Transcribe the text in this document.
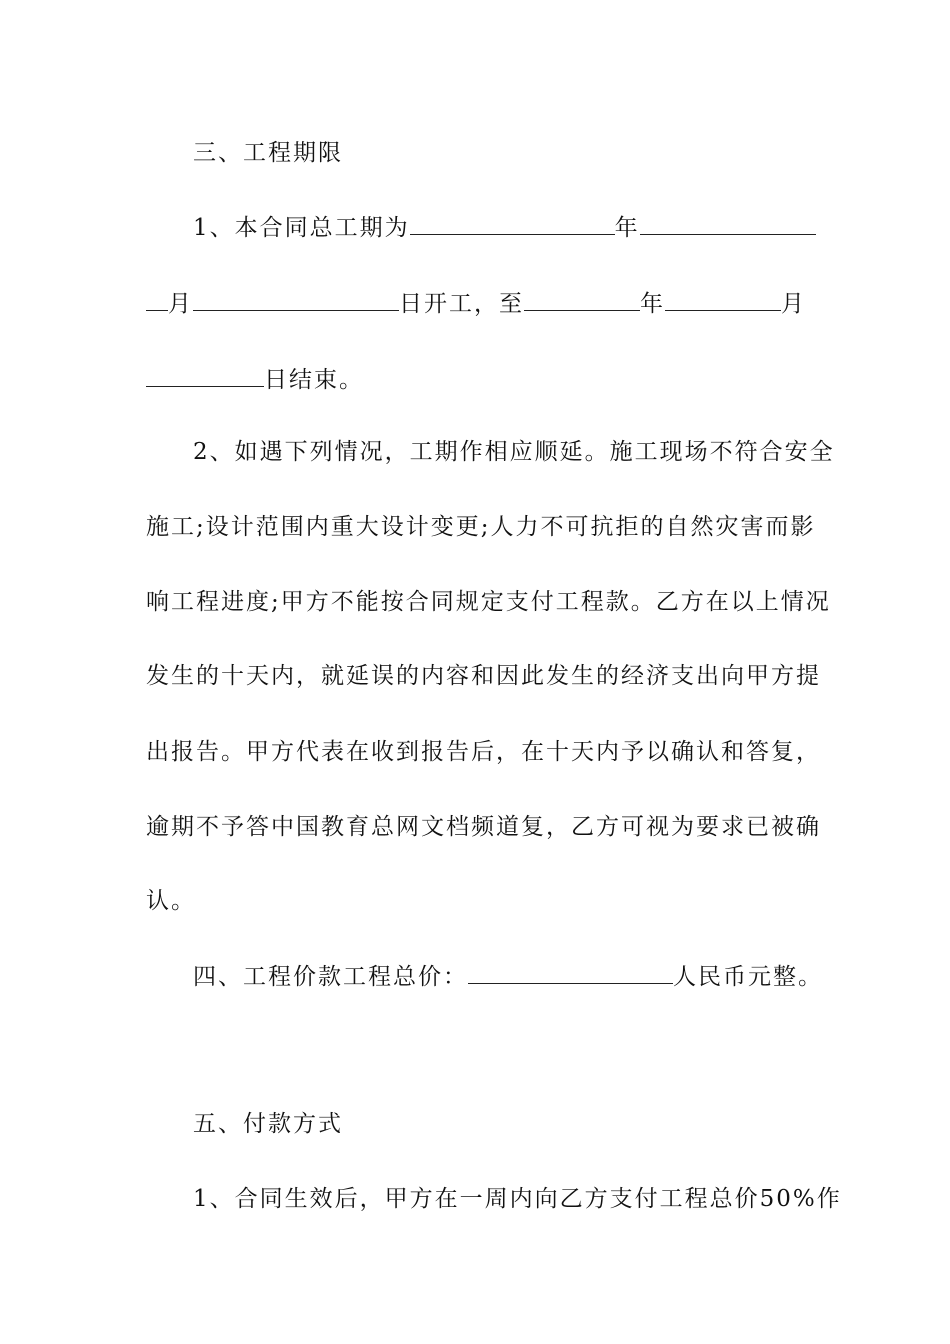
三、工程期限
1、本合同总工期为	年
月	日开工，至	年	月
日结束。
2、如遇下列情况，工期作相应顺延。施工现场不符合安全
施工;设计范围内重大设计变更;人力不可抗拒的自然灾害而影
响工程进度;甲方不能按合同规定支付工程款。乙方在以上情况
发生的十天内，就延误的内容和因此发生的经济支出向甲方提
出报告。甲方代表在收到报告后，在十天内予以确认和答复，
逾期不予答中国教育总网文档频道复，乙方可视为要求已被确
认。
四、工程价款工程总价：	人民币元整。
五、付款方式
1、合同生效后，甲方在一周内向乙方支付工程总价50%作
